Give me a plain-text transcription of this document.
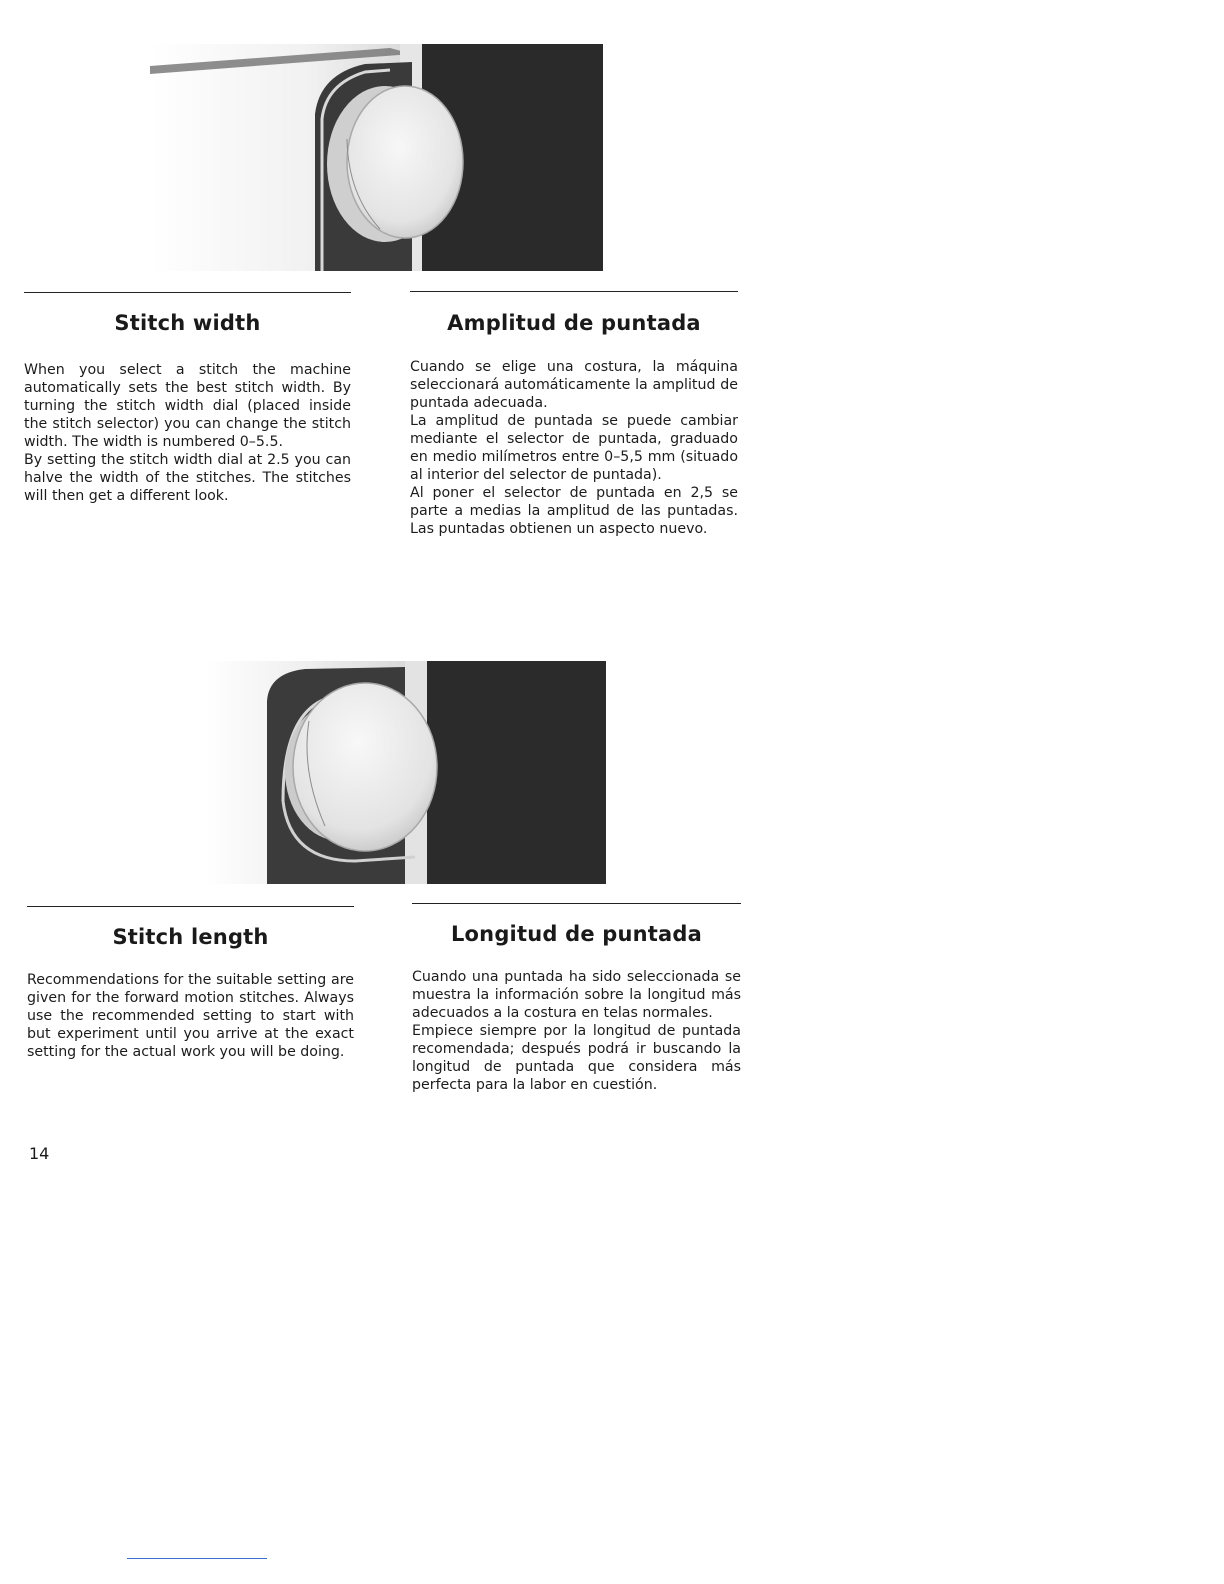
Stitch width

When you select a stitch the machine automatically sets the best stitch width. By turning the stitch width dial (placed inside the stitch selector) you can change the stitch width. The width is numbered 0–5.5.
By setting the stitch width dial at 2.5 you can halve the width of the stitches. The stitches will then get a different look.

Amplitud de puntada

Cuando se elige una costura, la máquina seleccionará automáticamente la amplitud de puntada adecuada.
La amplitud de puntada se puede cambiar mediante el selector de puntada, graduado en medio milímetros entre 0–5,5 mm (situado al interior del selector de puntada).
Al poner el selector de puntada en 2,5 se parte a medias la amplitud de las puntadas. Las puntadas obtienen un aspecto nuevo.

Stitch length

Recommendations for the suitable setting are given for the forward motion stitches. Always use the recommended setting to start with but experiment until you arrive at the exact setting for the actual work you will be doing.

Longitud de puntada

Cuando una puntada ha sido seleccionada se muestra la información sobre la longitud más adecuados a la costura en telas normales.
Empiece siempre por la longitud de puntada recomendada; después podrá ir buscando la longitud de puntada que considera más perfecta para la labor en cuestión.

14
